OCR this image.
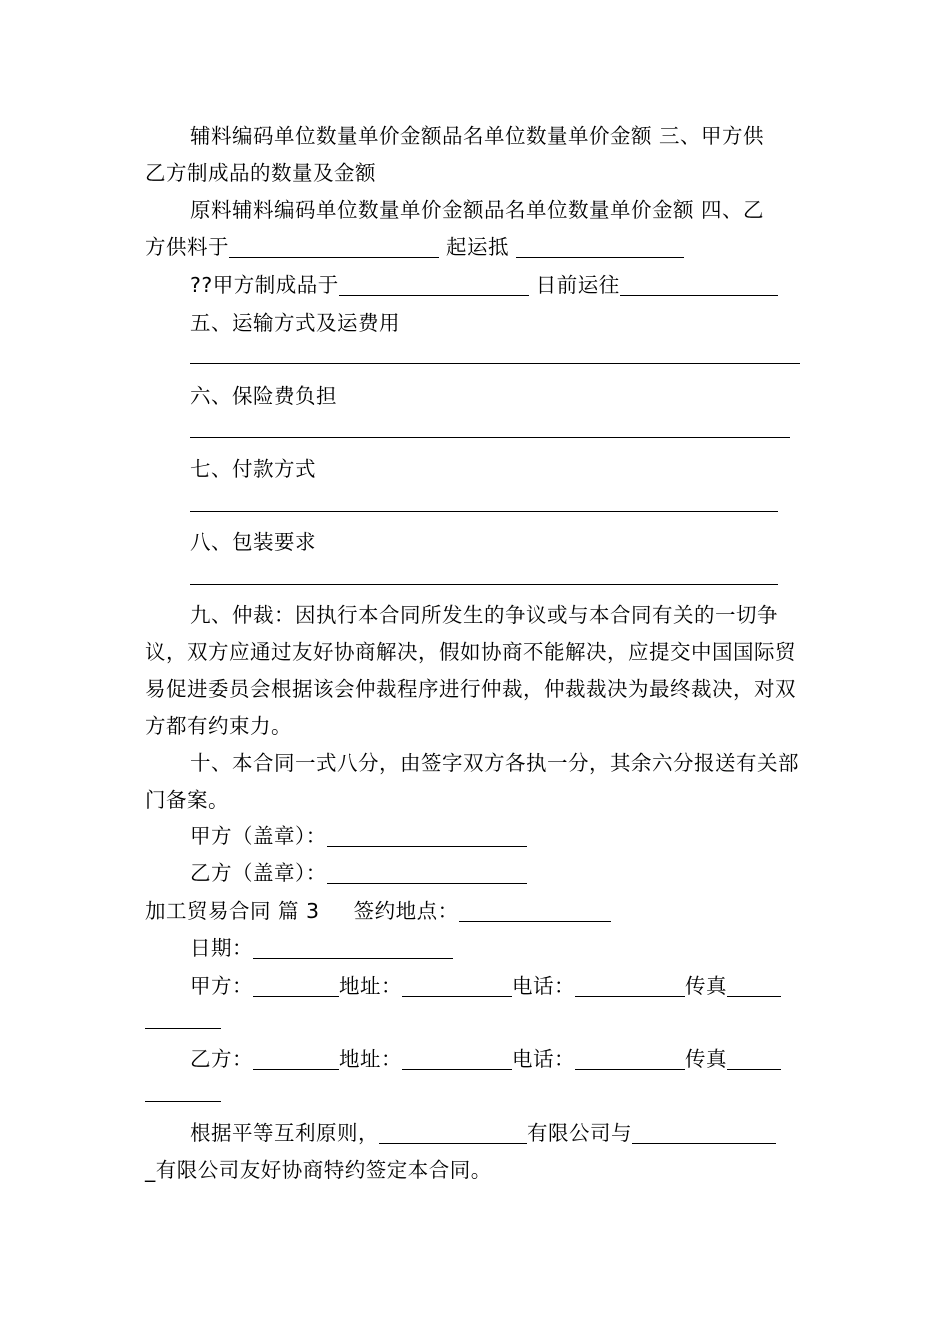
辅料编码单位数量单价金额品名单位数量单价金额 三、甲方供
乙方制成品的数量及金额
原料辅料编码单位数量单价金额品名单位数量单价金额 四、乙
方供料于	起运抵
??甲方制成品于	日前运往
五、运输方式及运费用
六、保险费负担
七、付款方式
八、包装要求
九、仲裁：因执行本合同所发生的争议或与本合同有关的一切争议，双方应通过友好协商解决，假如协商不能解决，应提交中国国际贸易促进委员会根据该会仲裁程序进行仲裁，仲裁裁决为最终裁决，对双方都有约束力。
十、本合同一式八分，由签字双方各执一分，其余六分报送有关部门备案。
甲方（盖章）：
乙方（盖章）：
加工贸易合同 篇 3 签约地点：
日期：
甲方：	地址：	电话：	传真
乙方：	地址：	电话：	传真
根据平等互利原则，	有限公司与
_有限公司友好协商特约签定本合同。
